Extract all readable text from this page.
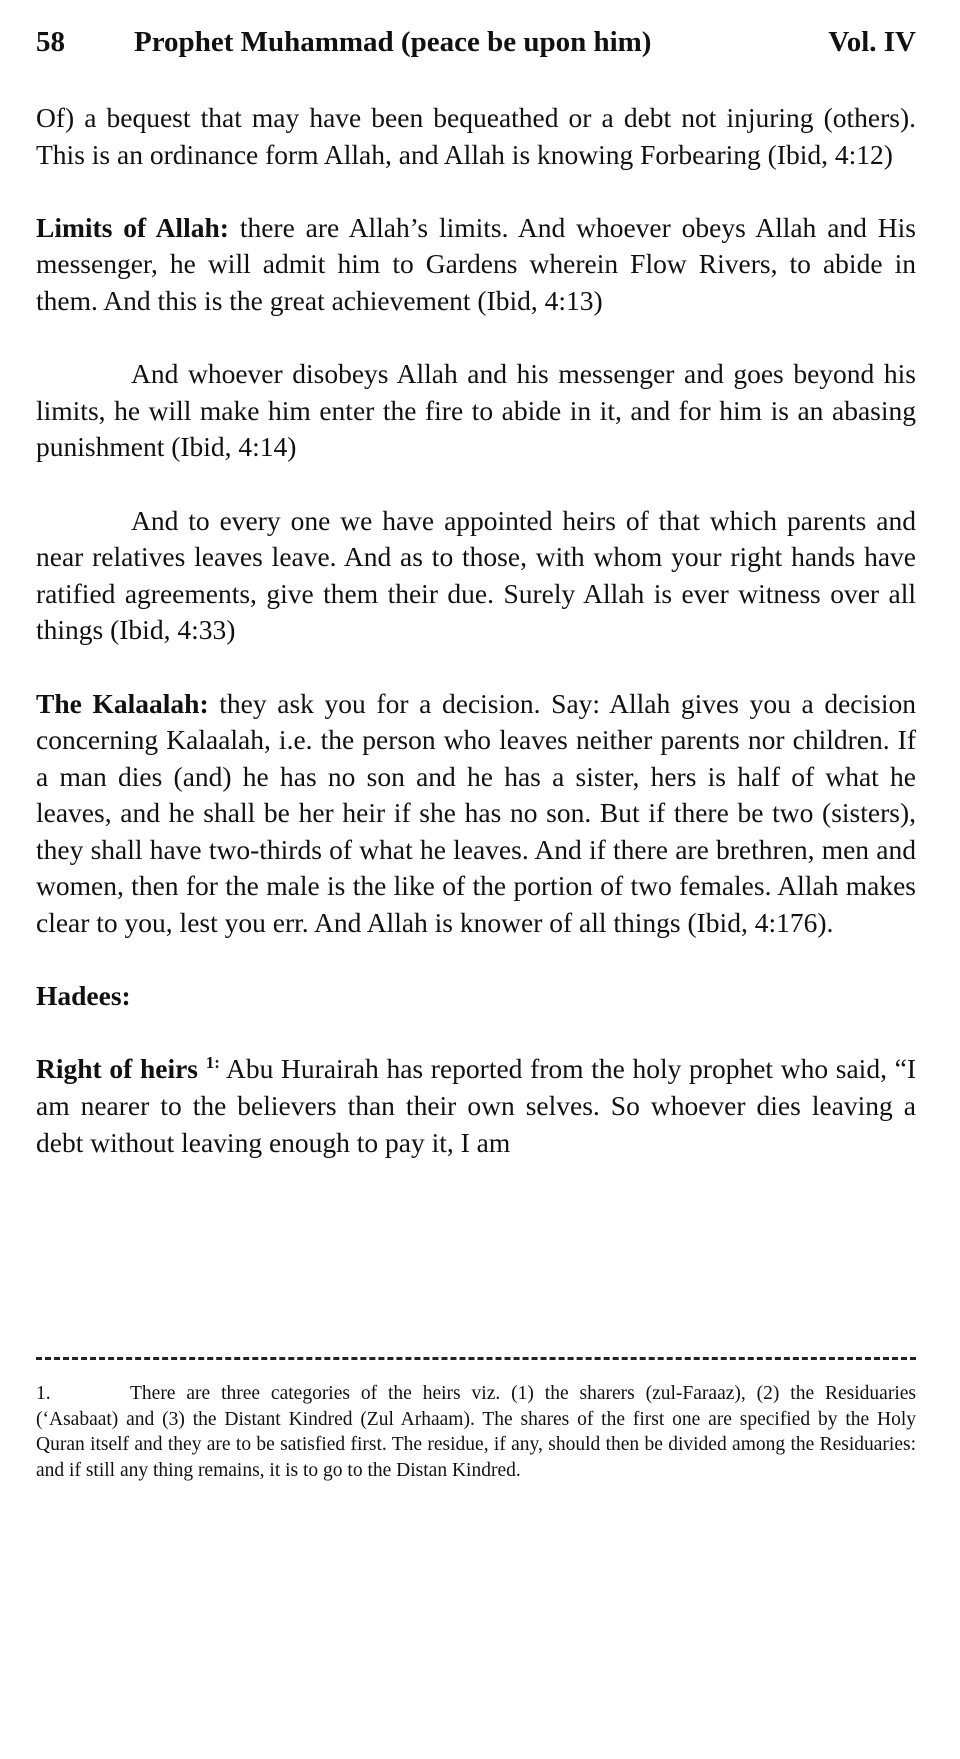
58 Prophet Muhammad (peace be upon him)	Vol. IV

Of) a bequest that may have been bequeathed or a debt not injuring (others). This is an ordinance form Allah, and Allah is knowing Forbearing (Ibid, 4:12)

Limits of Allah: there are Allah’s limits. And whoever obeys Allah and His messenger, he will admit him to Gardens wherein Flow Rivers, to abide in them. And this is the great achievement (Ibid, 4:13)

And whoever disobeys Allah and his messenger and goes beyond his limits, he will make him enter the fire to abide in it, and for him is an abasing punishment (Ibid, 4:14)

And to every one we have appointed heirs of that which parents and near relatives leaves leave. And as to those, with whom your right hands have ratified agreements, give them their due. Surely Allah is ever witness over all things (Ibid, 4:33)

The Kalaalah: they ask you for a decision. Say: Allah gives you a decision concerning Kalaalah, i.e. the person who leaves neither parents nor children. If a man dies (and) he has no son and he has a sister, hers is half of what he leaves, and he shall be her heir if she has no son. But if there be two (sisters), they shall have two-thirds of what he leaves. And if there are brethren, men and women, then for the male is the like of the portion of two females. Allah makes clear to you, lest you err. And Allah is knower of all things (Ibid, 4:176).

Hadees:

Right of heirs $^{1:}$ Abu Hurairah has reported from the holy prophet who said, “I am nearer to the believers than their own selves. So whoever dies leaving a debt without leaving enough to pay it, I am

1.	There are three categories of the heirs viz. (1) the sharers (zul-Faraaz), (2) the Residuaries (‘Asabaat) and (3) the Distant Kindred (Zul Arhaam). The shares of the first one are specified by the Holy Quran itself and they are to be satisfied first. The residue, if any, should then be divided among the Residuaries: and if still any thing remains, it is to go to the Distan Kindred.
